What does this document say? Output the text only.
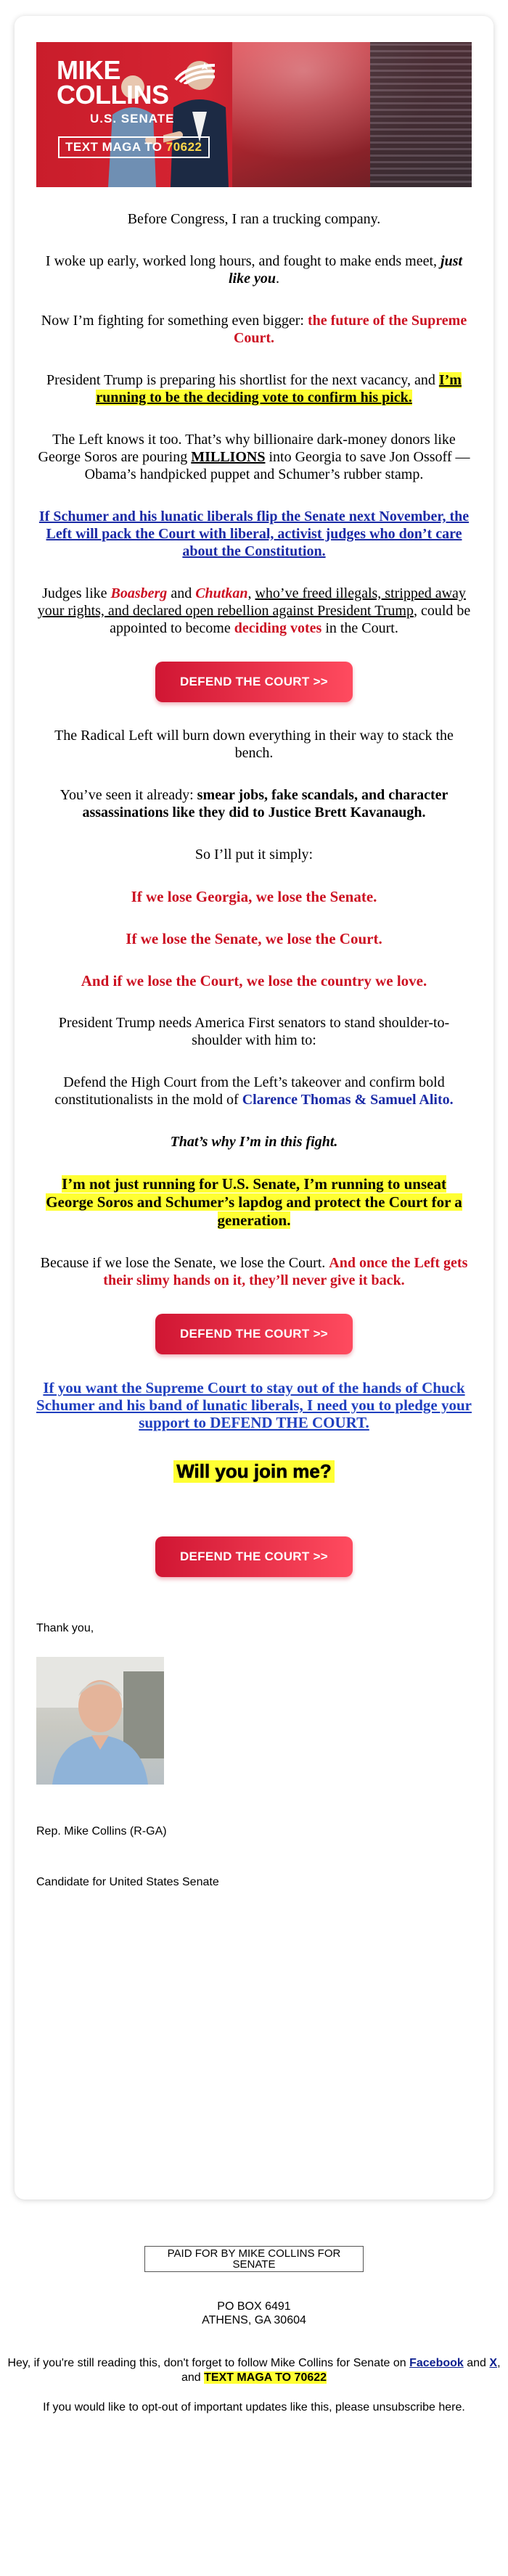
MIKE
COLLINS
U.S. SENATE
TEXT MAGA TO 70622

Before Congress, I ran a trucking company.

I woke up early, worked long hours, and fought to make ends meet, just like you.

Now I’m fighting for something even bigger: the future of the Supreme Court.

President Trump is preparing his shortlist for the next vacancy, and I’m running to be the deciding vote to confirm his pick.

The Left knows it too. That’s why billionaire dark-money donors like George Soros are pouring MILLIONS into Georgia to save Jon Ossoff — Obama’s handpicked puppet and Schumer’s rubber stamp.

If Schumer and his lunatic liberals flip the Senate next November, the Left will pack the Court with liberal, activist judges who don’t care about the Constitution.

Judges like Boasberg and Chutkan, who’ve freed illegals, stripped away your rights, and declared open rebellion against President Trump, could be appointed to become deciding votes in the Court.

DEFEND THE COURT >>

The Radical Left will burn down everything in their way to stack the bench.

You’ve seen it already: smear jobs, fake scandals, and character assassinations like they did to Justice Brett Kavanaugh.

So I’ll put it simply:

If we lose Georgia, we lose the Senate.

If we lose the Senate, we lose the Court.

And if we lose the Court, we lose the country we love.

President Trump needs America First senators to stand shoulder-to-shoulder with him to:

Defend the High Court from the Left’s takeover and confirm bold constitutionalists in the mold of Clarence Thomas & Samuel Alito.

That’s why I’m in this fight.

I’m not just running for U.S. Senate, I’m running to unseat George Soros and Schumer’s lapdog and protect the Court for a generation.

Because if we lose the Senate, we lose the Court. And once the Left gets their slimy hands on it, they’ll never give it back.

DEFEND THE COURT >>

If you want the Supreme Court to stay out of the hands of Chuck Schumer and his band of lunatic liberals, I need you to pledge your support to DEFEND THE COURT.

Will you join me?
DEFEND THE COURT >>

Thank you,

Rep. Mike Collins (R-GA)

Candidate for United States Senate

PAID FOR BY MIKE COLLINS FOR SENATE
PO BOX 6491
ATHENS, GA 30604

Hey, if you're still reading this, don't forget to follow Mike Collins for Senate on Facebook and X, and TEXT MAGA TO 70622

If you would like to opt-out of important updates like this, please unsubscribe here.
